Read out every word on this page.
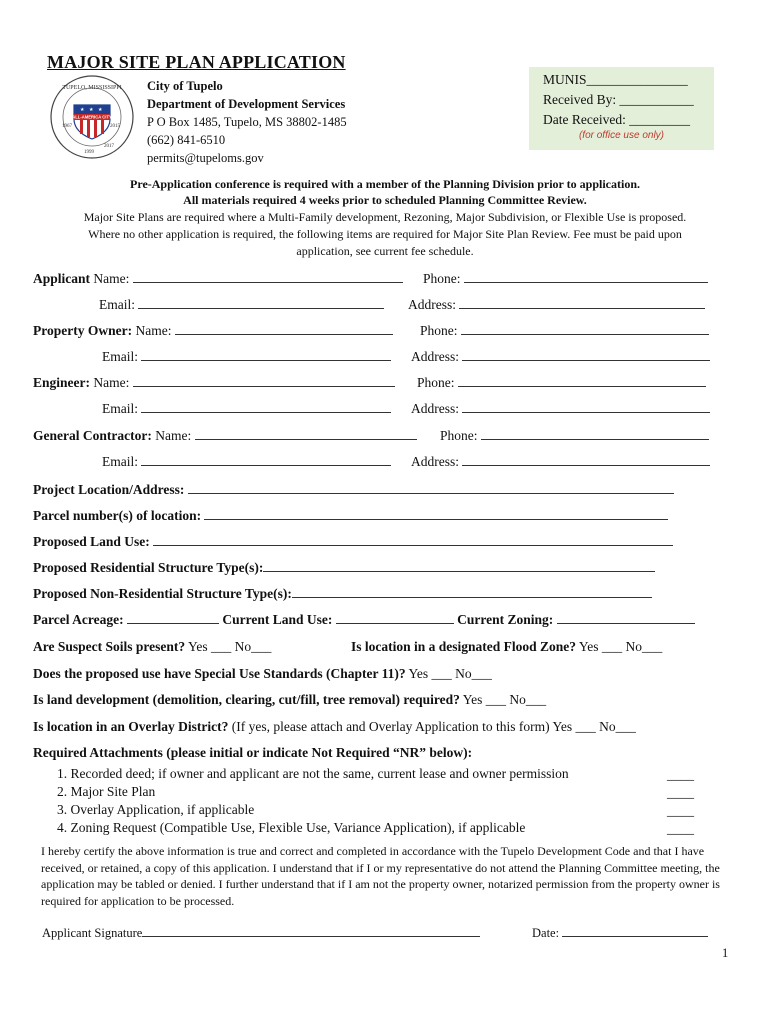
MAJOR SITE PLAN APPLICATION
ALL-AMERICA CITY
★ ★ ★
TUPELO, MISSISSIPPI
1967
1999
2015
2017
City of Tupelo
Department of Development Services
P O Box 1485, Tupelo, MS 38802-1485
(662) 841-6510
permits@tupeloms.gov
MUNIS_______________
Received By: ___________
Date Received: _________
(for office use only)
Pre-Application conference is required with a member of the Planning Division prior to application.
All materials required 4 weeks prior to scheduled Planning Committee Review.
Major Site Plans are required where a Multi-Family development, Rezoning, Major Subdivision, or Flexible Use is proposed.
Where no other application is required, the following items are required for Major Site Plan Review. Fee must be paid upon
application, see current fee schedule.
Applicant Name:	Phone:
Email:	Address:
Property Owner: Name:	Phone:
Email:	Address:
Engineer: Name:	Phone:
Email:	Address:
General Contractor: Name:	Phone:
Email:	Address:
Project Location/Address:
Parcel number(s) of location:
Proposed Land Use:
Proposed Residential Structure Type(s):
Proposed Non-Residential Structure Type(s):
Parcel Acreage:	Current Land Use:	Current Zoning:
Are Suspect Soils present? Yes ___ No___	Is location in a designated Flood Zone? Yes ___ No___
Does the proposed use have Special Use Standards (Chapter 11)? Yes ___ No___
Is land development (demolition, clearing, cut/fill, tree removal) required? Yes ___ No___
Is location in an Overlay District? (If yes, please attach and Overlay Application to this form) Yes ___ No___
Required Attachments (please initial or indicate Not Required “NR” below):
1. Recorded deed; if owner and applicant are not the same, current lease and owner permission
2. Major Site Plan
3. Overlay Application, if applicable
4. Zoning Request (Compatible Use, Flexible Use, Variance Application), if applicable
____
____
____
____
I hereby certify the above information is true and correct and completed in accordance with the Tupelo Development Code and that I have received, or retained, a copy of this application. I understand that if I or my representative do not attend the Planning Committee meeting, the application may be tabled or denied. I further understand that if I am not the property owner, notarized permission from the property owner is required for application to be processed.
Applicant Signature	Date:
1
